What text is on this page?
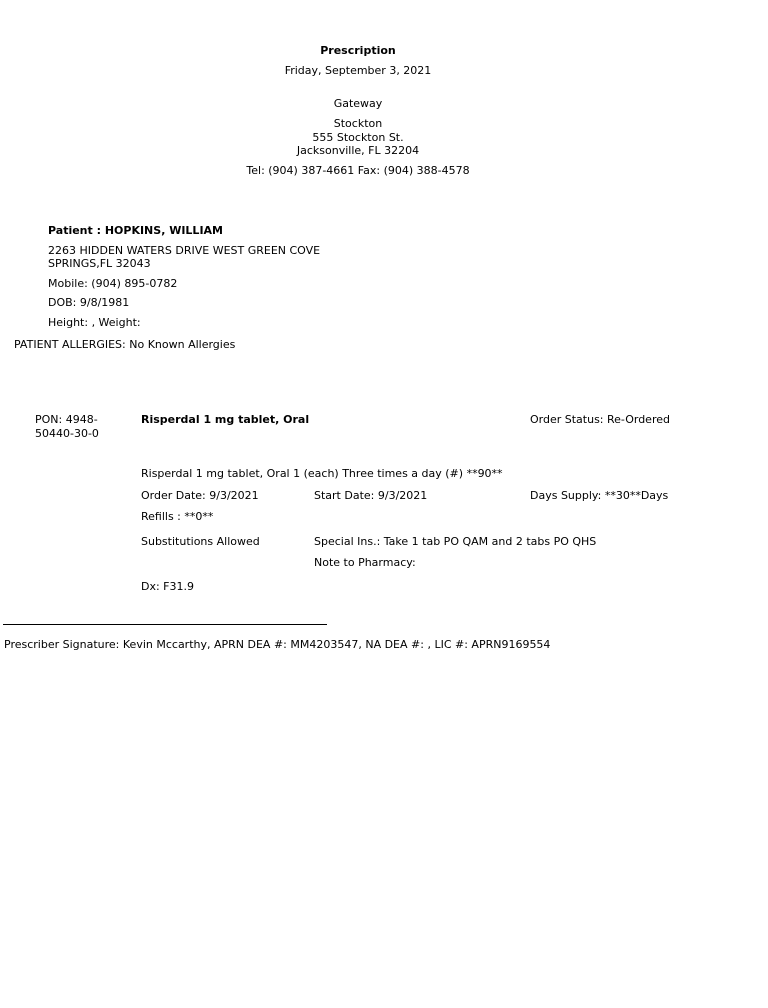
Prescription
Friday, September 3, 2021
Gateway
Stockton
555 Stockton St.
Jacksonville, FL 32204
Tel: (904) 387-4661 Fax: (904) 388-4578
Patient : HOPKINS, WILLIAM
2263 HIDDEN WATERS DRIVE WEST GREEN COVE
SPRINGS,FL 32043
Mobile: (904) 895-0782
DOB: 9/8/1981
Height: , Weight:
PATIENT ALLERGIES: No Known Allergies
PON: 4948-
50440-30-0
Risperdal 1 mg tablet, Oral	Order Status: Re-Ordered
Risperdal 1 mg tablet, Oral 1 (each) Three times a day (#) **90**
Order Date: 9/3/2021	Start Date: 9/3/2021	Days Supply: **30**Days
Refills : **0**
Substitutions Allowed	Special Ins.: Take 1 tab PO QAM and 2 tabs PO QHS
Note to Pharmacy:
Dx: F31.9
Prescriber Signature: Kevin Mccarthy, APRN DEA #: MM4203547, NA DEA #: , LIC #: APRN9169554
